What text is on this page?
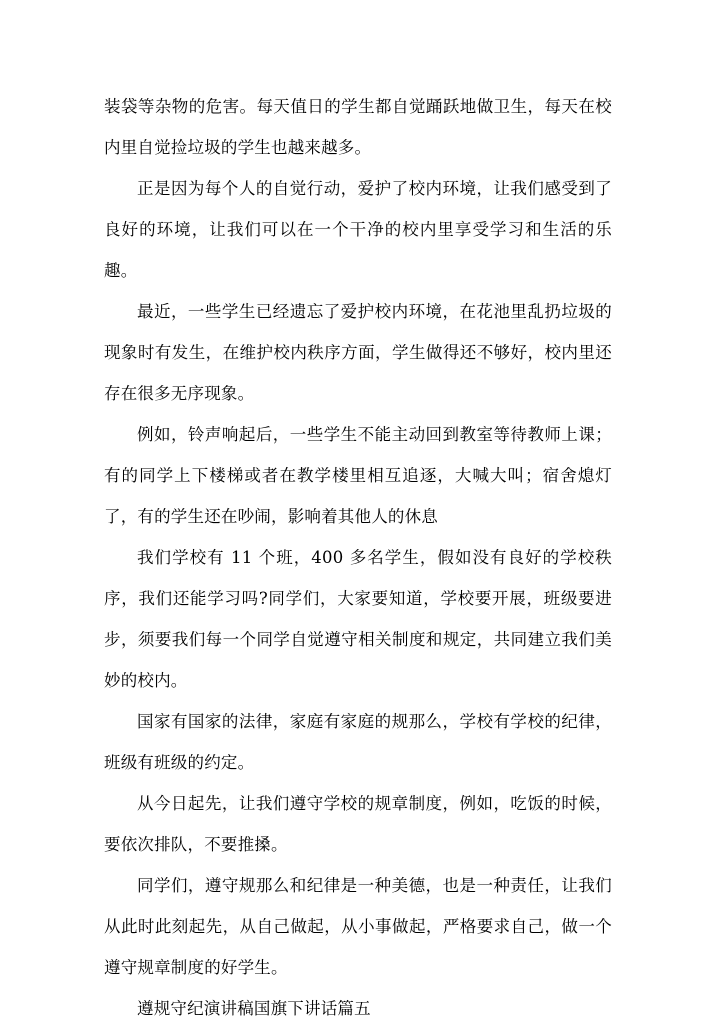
装袋等杂物的危害。每天值日的学生都自觉踊跃地做卫生，每天在校内里自觉捡垃圾的学生也越来越多。

正是因为每个人的自觉行动，爱护了校内环境，让我们感受到了良好的环境，让我们可以在一个干净的校内里享受学习和生活的乐趣。

最近，一些学生已经遗忘了爱护校内环境，在花池里乱扔垃圾的现象时有发生，在维护校内秩序方面，学生做得还不够好，校内里还存在很多无序现象。

例如，铃声响起后，一些学生不能主动回到教室等待教师上课；有的同学上下楼梯或者在教学楼里相互追逐，大喊大叫；宿舍熄灯了，有的学生还在吵闹，影响着其他人的休息

我们学校有 11 个班，400 多名学生，假如没有良好的学校秩序，我们还能学习吗?同学们，大家要知道，学校要开展，班级要进步，须要我们每一个同学自觉遵守相关制度和规定，共同建立我们美妙的校内。

国家有国家的法律，家庭有家庭的规那么，学校有学校的纪律，班级有班级的约定。

从今日起先，让我们遵守学校的规章制度，例如，吃饭的时候，要依次排队，不要推搡。

同学们，遵守规那么和纪律是一种美德，也是一种责任，让我们从此时此刻起先，从自己做起，从小事做起，严格要求自己，做一个遵守规章制度的好学生。

遵规守纪演讲稿国旗下讲话篇五
